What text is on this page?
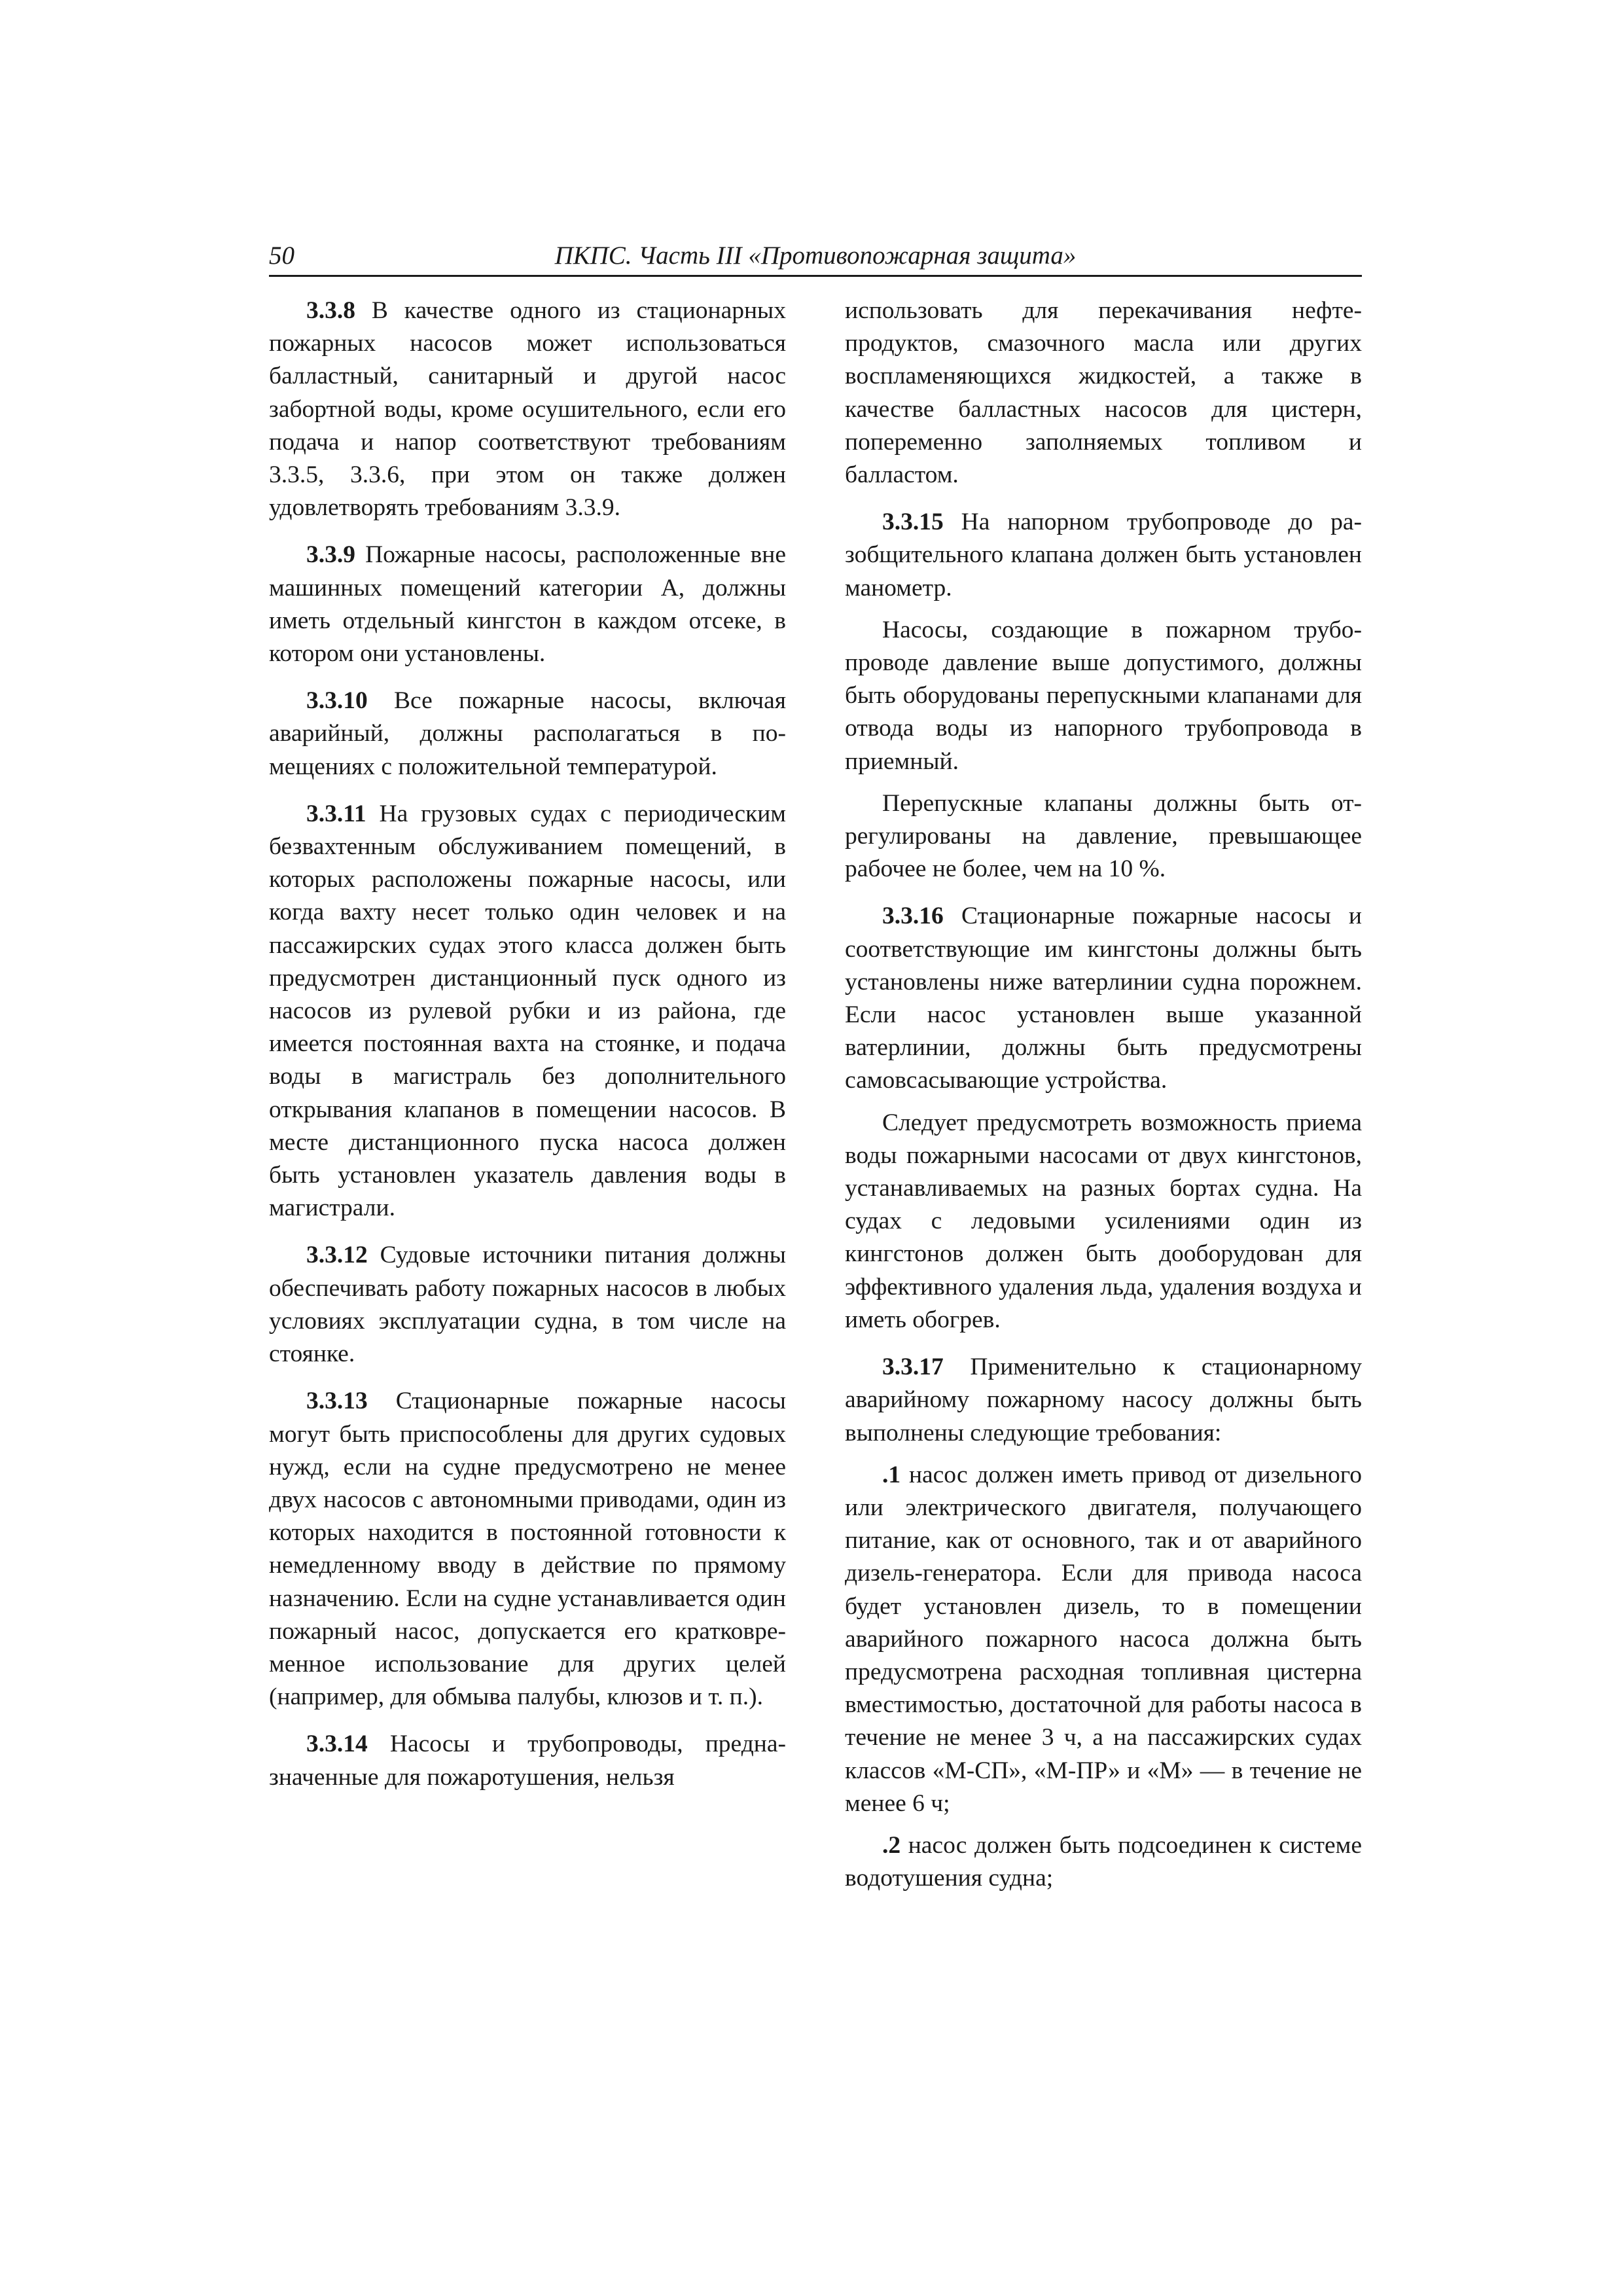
50	ПКПС. Часть III «Противопожарная защита»

3.3.8 В качестве одного из стационарных пожарных насосов может использоваться балластный, санитарный и другой насос забортной воды, кроме осушительного, если его подача и напор соответствуют требованиям 3.3.5, 3.3.6, при этом он также должен удовлетворять требованиям 3.3.9.

3.3.9 Пожарные насосы, расположенные вне машинных помещений категории А, должны иметь отдельный кингстон в каждом отсеке, в котором они установлены.

3.3.10 Все пожарные насосы, включая аварийный, должны располагаться в помещениях с положительной температурой.

3.3.11 На грузовых судах с периодическим безвахтенным обслуживанием помещений, в которых расположены пожарные насосы, или когда вахту несет только один человек и на пассажирских судах этого класса должен быть предусмотрен дистанционный пуск одного из насосов из рулевой рубки и из района, где имеется постоянная вахта на стоянке, и подача воды в магистраль без дополнительного открывания клапанов в помещении насосов. В месте дистанционного пуска насоса должен быть установлен указатель давления воды в магистрали.

3.3.12 Судовые источники питания должны обеспечивать работу пожарных насосов в любых условиях эксплуатации судна, в том числе на стоянке.

3.3.13 Стационарные пожарные насосы могут быть приспособлены для других судовых нужд, если на судне предусмотрено не менее двух насосов с автономными приводами, один из которых находится в постоянной готовности к немедленному вводу в действие по прямому назначению. Если на судне устанавливается один пожарный насос, допускается его кратковременное использование для других целей (например, для обмыва палубы, клюзов и т. п.).

3.3.14 Насосы и трубопроводы, предназначенные для пожаротушения, нельзя

использовать для перекачивания нефтепродуктов, смазочного масла или других воспламеняющихся жидкостей, а также в качестве балластных насосов для цистерн, попеременно заполняемых топливом и балластом.

3.3.15 На напорном трубопроводе до разобщительного клапана должен быть установлен манометр.

Насосы, создающие в пожарном трубопроводе давление выше допустимого, должны быть оборудованы перепускными клапанами для отвода воды из напорного трубопровода в приемный.

Перепускные клапаны должны быть отрегулированы на давление, превышающее рабочее не более, чем на 10 %.

3.3.16 Стационарные пожарные насосы и соответствующие им кингстоны должны быть установлены ниже ватерлинии судна порожнем. Если насос установлен выше указанной ватерлинии, должны быть предусмотрены самовсасывающие устройства.

Следует предусмотреть возможность приема воды пожарными насосами от двух кингстонов, устанавливаемых на разных бортах судна. На судах с ледовыми усилениями один из кингстонов должен быть дооборудован для эффективного удаления льда, удаления воздуха и иметь обогрев.

3.3.17 Применительно к стационарному аварийному пожарному насосу должны быть выполнены следующие требования:

.1 насос должен иметь привод от дизельного или электрического двигателя, получающего питание, как от основного, так и от аварийного дизель-генератора. Если для привода насоса будет установлен дизель, то в помещении аварийного пожарного насоса должна быть предусмотрена расходная топливная цистерна вместимостью, достаточной для работы насоса в течение не менее 3 ч, а на пассажирских судах классов «М-СП», «М-ПР» и «М» — в течение не менее 6 ч;

.2 насос должен быть подсоединен к системе водотушения судна;
